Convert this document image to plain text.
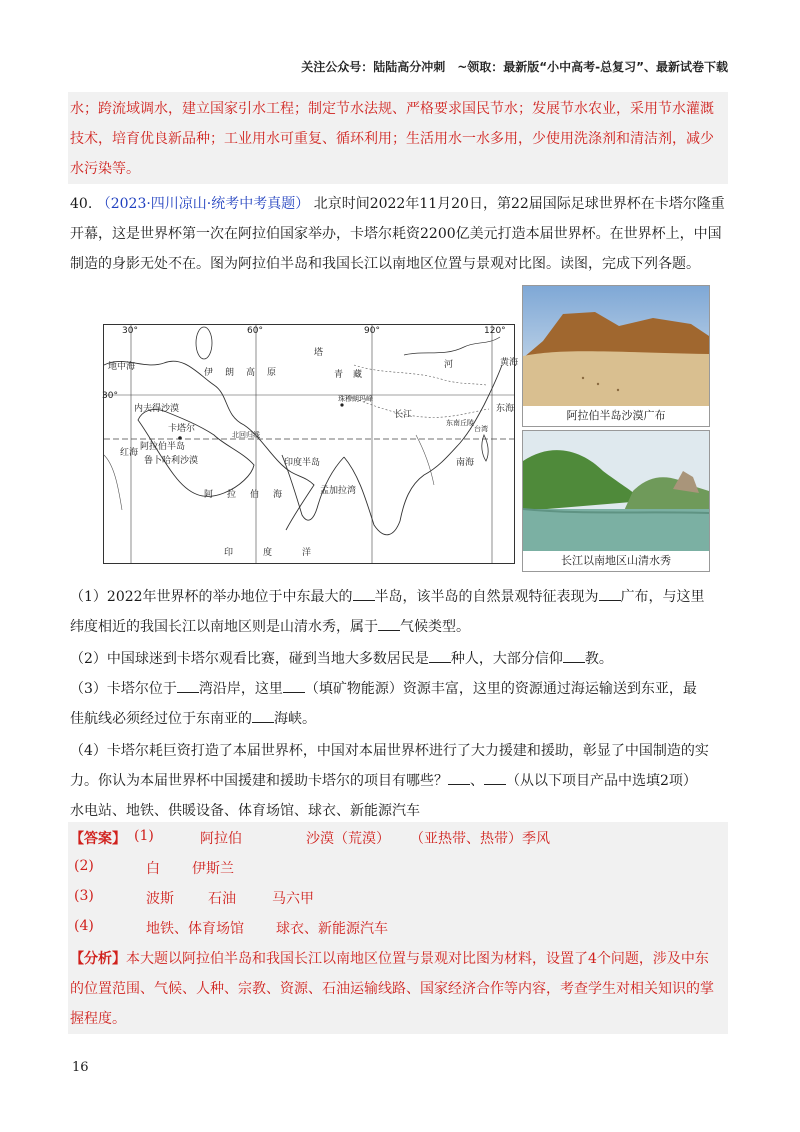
关注公众号：陆陆高分冲刺　~领取：最新版“小中高考-总复习”、最新试卷下载
水；跨流域调水，建立国家引水工程；制定节水法规、严格要求国民节水；发展节水农业，采用节水灌溉
技术，培育优良新品种；工业用水可重复、循环利用；生活用水一水多用，少使用洗涤剂和清洁剂，减少
水污染等。
40. （2023·四川凉山·统考中考真题） 北京时间2022年11月20日，第22届国际足球世界杯在卡塔尔隆重
开幕，这是世界杯第一次在阿拉伯国家举办，卡塔尔耗资2200亿美元打造本届世界杯。在世界杯上，中国
制造的身影无处不在。图为阿拉伯半岛和我国长江以南地区位置与景观对比图。读图，完成下列各题。
30°	60°	90°	120°
30°
地中海
伊朗高原	青藏
塔
内夫得沙漠
卡塔尔
阿拉伯半岛
鲁卜哈利沙漠
红海
北回归线
印度半岛
阿拉伯海	孟加拉湾
印度洋
南海
黄海
东海
长江
河
珠穆朗玛峰
东南丘陵
台湾
阿拉伯半岛沙漠广布
长江以南地区山清水秀
（1）2022年世界杯的举办地位于中东最大的 半岛，该半岛的自然景观特征表现为 广布，与这里
纬度相近的我国长江以南地区则是山清水秀，属于 气候类型。
（2）中国球迷到卡塔尔观看比赛，碰到当地大多数居民是 种人，大部分信仰 教。
（3）卡塔尔位于 湾沿岸，这里 （填矿物能源）资源丰富，这里的资源通过海运输送到东亚，最
佳航线必须经过位于东南亚的 海峡。
（4）卡塔尔耗巨资打造了本届世界杯，中国对本届世界杯进行了大力援建和援助，彰显了中国制造的实
力。你认为本届世界杯中国援建和援助卡塔尔的项目有哪些？ 、 （从以下项目产品中选填2项）
水电站、地铁、供暖设备、体育场馆、球衣、新能源汽车
【答案】 (1)	阿拉伯	沙漠（荒漠） （亚热带、热带）季风
(2)	白 伊斯兰
(3)	波斯 石油	马六甲
(4)	地铁、体育场馆 球衣、新能源汽车
【分析】本大题以阿拉伯半岛和我国长江以南地区位置与景观对比图为材料，设置了4个问题，涉及中东
的位置范围、气候、人种、宗教、资源、石油运输线路、国家经济合作等内容，考查学生对相关知识的掌
握程度。
16
